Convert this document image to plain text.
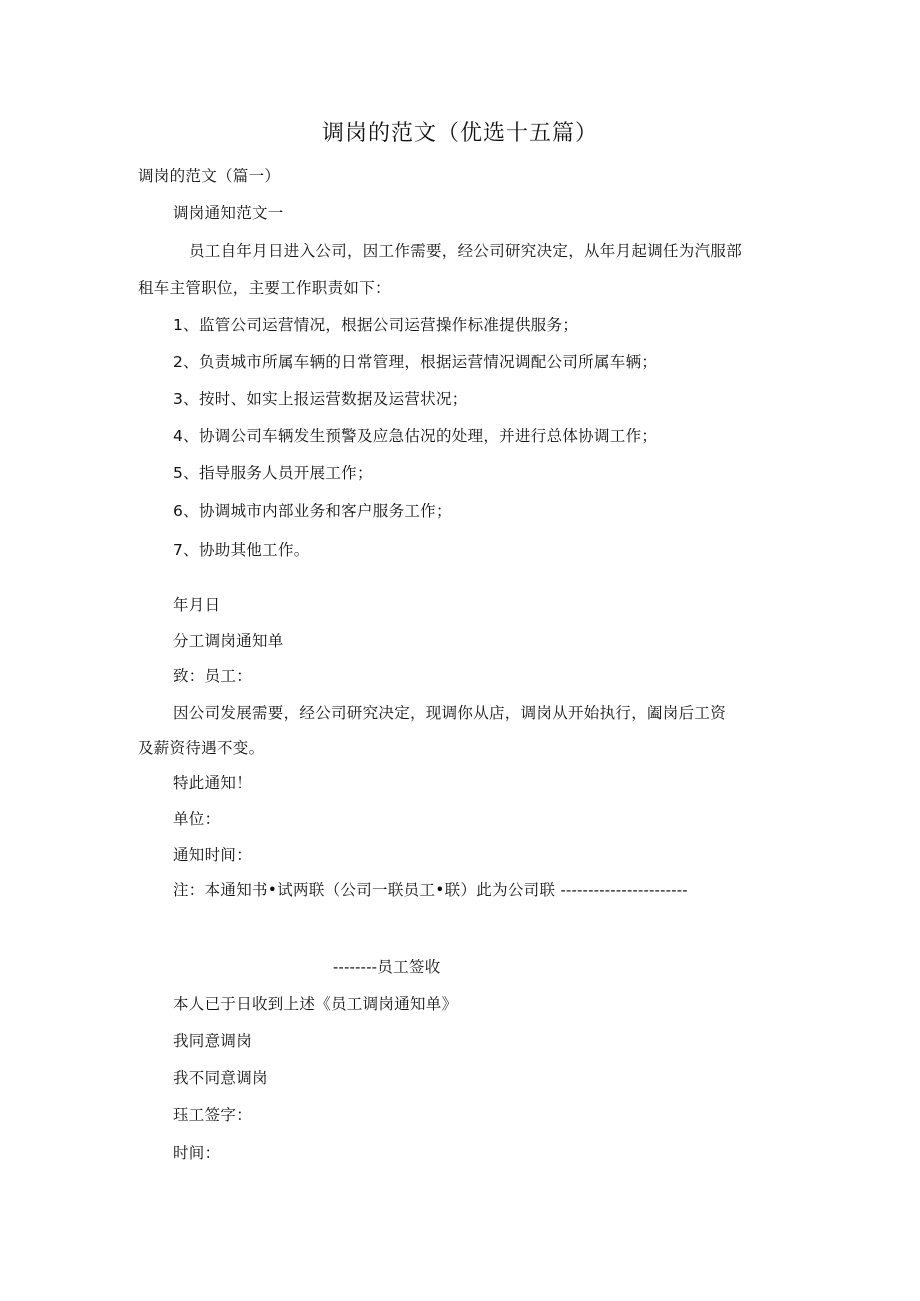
调岗的范文（优选十五篇）
调岗的范文（篇一）
调岗通知范文一
员工自年月日进入公司，因工作需要，经公司研究决定，从年月起调任为汽服部
租车主管职位，主要工作职责如下：
1、监管公司运营情况，根据公司运营操作标准提供服务；
2、负责城市所属车辆的日常管理，根据运营情况调配公司所属车辆；
3、按时、如实上报运营数据及运营状况；
4、协调公司车辆发生预警及应急估况的处理，并进行总体协调工作；
5、指导服务人员开展工作；
6、协调城市内部业务和客户服务工作；
7、协助其他工作。
年月日
分工调岗通知单
致：员工：
因公司发展需要，经公司研究决定，现调你从店，调岗从开始执行，阖岗后工资
及薪资待遇不变。
特此通知！
单位：
通知时间：
注：本通知书•试两联（公司一联员工•联）此为公司联 -----------------------
--------员工签收
本人已于日收到上述《员工调岗通知单》
我同意调岗
我不同意调岗
珏工签字：
时间：
